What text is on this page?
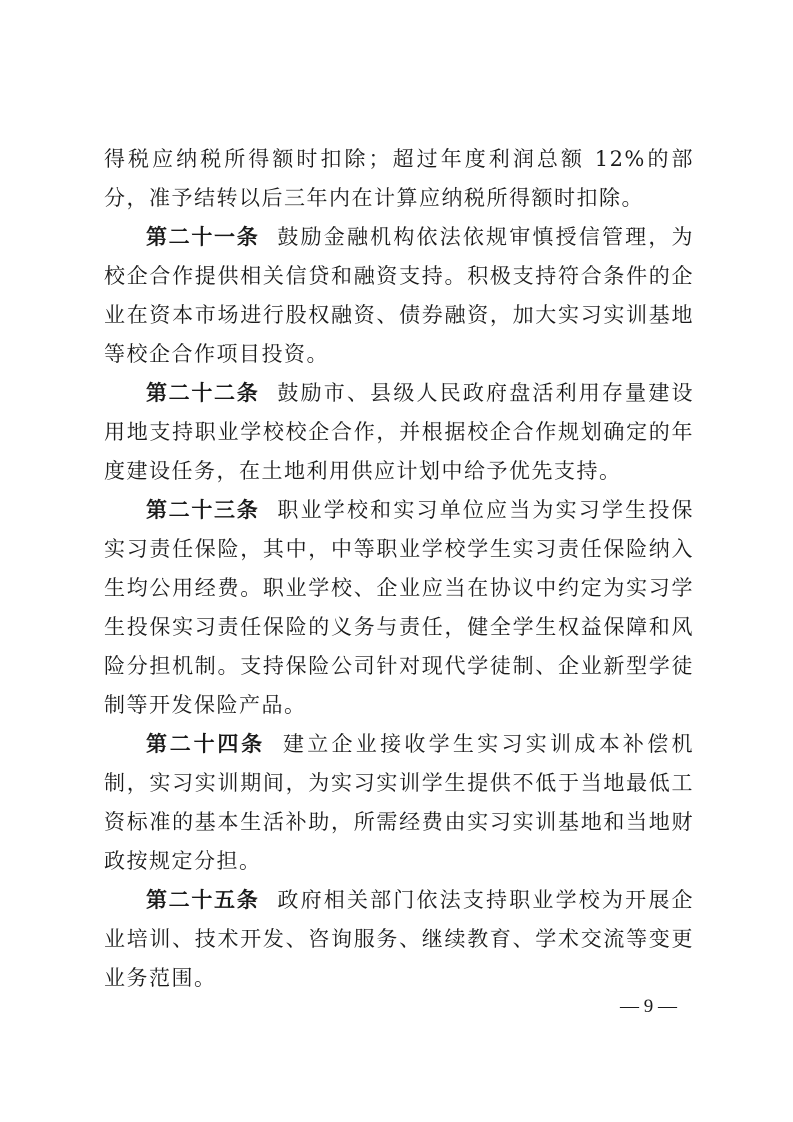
得税应纳税所得额时扣除；超过年度利润总额 12%的部分，准予结转以后三年内在计算应纳税所得额时扣除。

第二十一条 鼓励金融机构依法依规审慎授信管理，为校企合作提供相关信贷和融资支持。积极支持符合条件的企业在资本市场进行股权融资、债券融资，加大实习实训基地等校企合作项目投资。

第二十二条 鼓励市、县级人民政府盘活利用存量建设用地支持职业学校校企合作，并根据校企合作规划确定的年度建设任务，在土地利用供应计划中给予优先支持。

第二十三条 职业学校和实习单位应当为实习学生投保实习责任保险，其中，中等职业学校学生实习责任保险纳入生均公用经费。职业学校、企业应当在协议中约定为实习学生投保实习责任保险的义务与责任，健全学生权益保障和风险分担机制。支持保险公司针对现代学徒制、企业新型学徒制等开发保险产品。

第二十四条 建立企业接收学生实习实训成本补偿机制，实习实训期间，为实习实训学生提供不低于当地最低工资标准的基本生活补助，所需经费由实习实训基地和当地财政按规定分担。

第二十五条 政府相关部门依法支持职业学校为开展企业培训、技术开发、咨询服务、继续教育、学术交流等变更业务范围。

— 9 —
